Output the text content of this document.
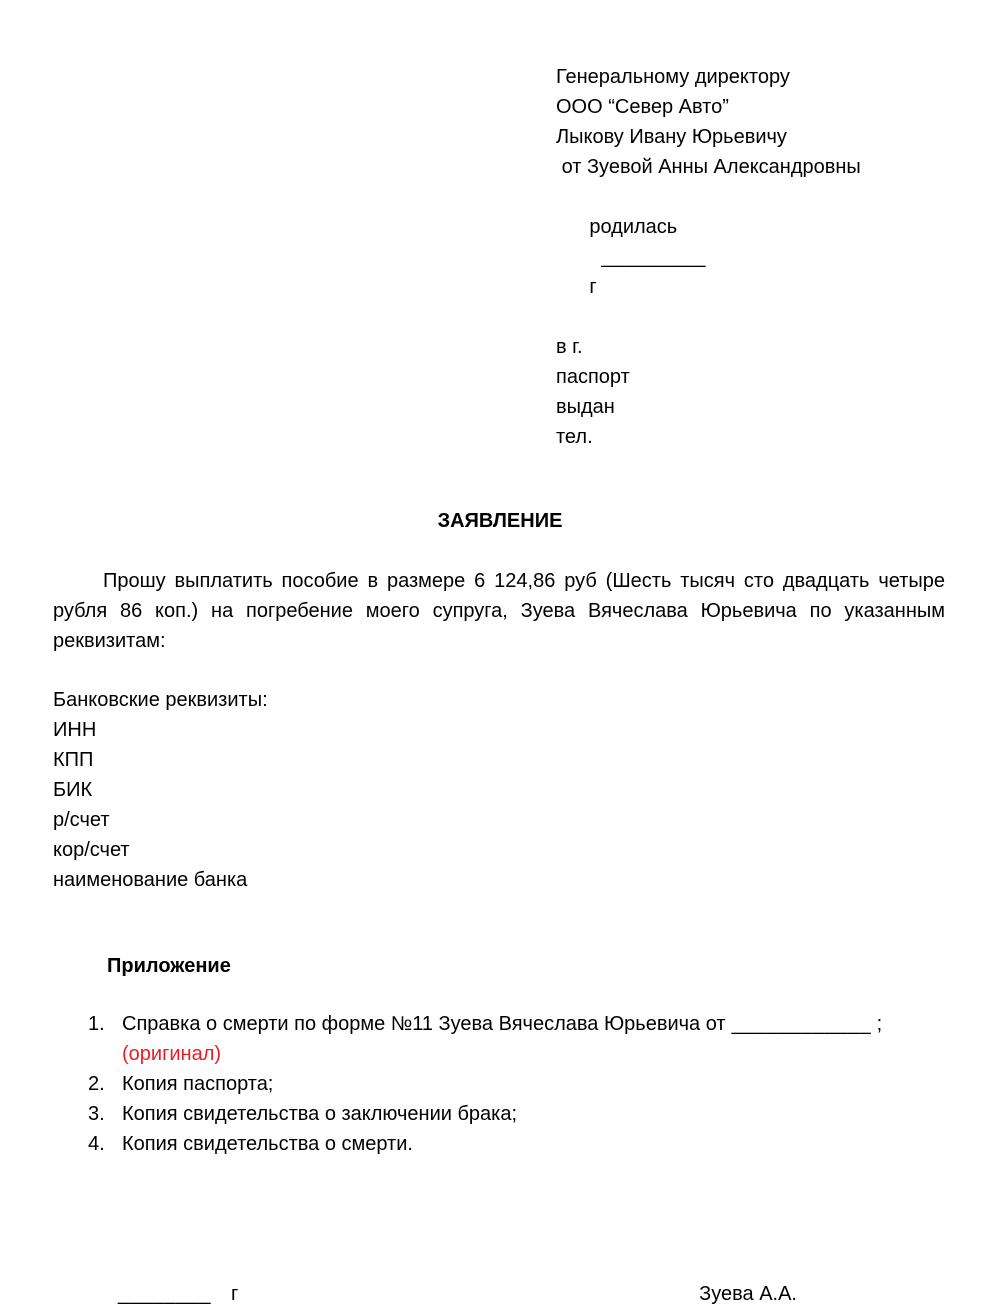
Генеральному директору
ООО “Север Авто”
Лыкову Ивану Юрьевичу
от Зуевой Анны Александровны

родилась
_________
г

в г.
паспорт
выдан
тел.
ЗАЯВЛЕНИЕ

Прошу выплатить пособие в размере 6 124,86 руб (Шесть тысяч сто двадцать четыре рубля 86 коп.) на погребение моего супруга, Зуева Вячеслава Юрьевича по указанным реквизитам:

Банковские реквизиты:
ИНН
КПП
БИК
р/счет
кор/счет
наименование банка
Приложение
1. Справка о смерти по форме №11 Зуева Вячеслава Юрьевича от ____________ ;
(оригинал)
2. Копия паспорта;
3. Копия свидетельства о заключении брака;
4. Копия свидетельства о смерти.
________ г	Зуева А.А.
